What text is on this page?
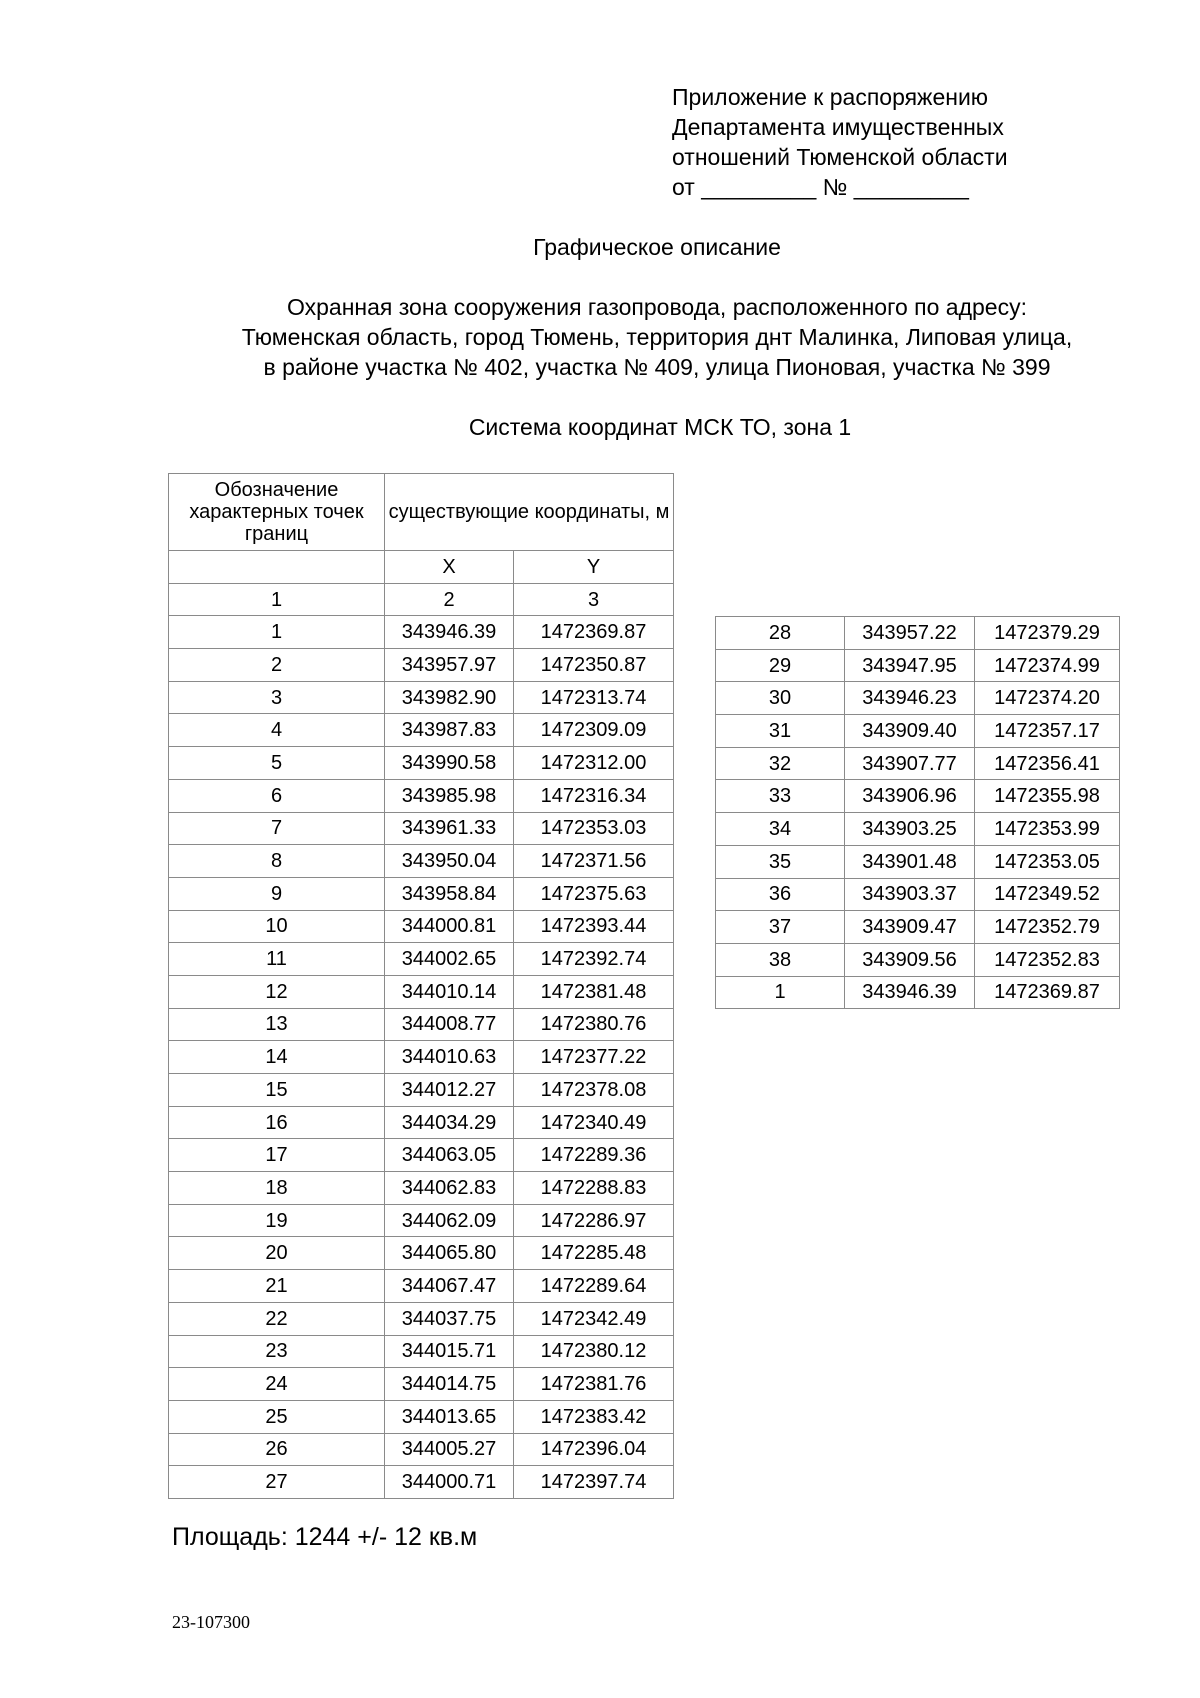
Приложение к распоряжению
Департамента имущественных
отношений Тюменской области
от _________ № _________
Графическое описание
Охранная зона сооружения газопровода, расположенного по адресу:
Тюменская область, город Тюмень, территория днт Малинка, Липовая улица,
в районе участка № 402, участка № 409, улица Пионовая, участка № 399
Система координат МСК ТО, зона 1
Обозначение характерных точек границ	существующие координаты, м	
	X	Y
1	2	3
1	343946.39	1472369.87
2	343957.97	1472350.87
3	343982.90	1472313.74
4	343987.83	1472309.09
5	343990.58	1472312.00
6	343985.98	1472316.34
7	343961.33	1472353.03
8	343950.04	1472371.56
9	343958.84	1472375.63
10	344000.81	1472393.44
11	344002.65	1472392.74
12	344010.14	1472381.48
13	344008.77	1472380.76
14	344010.63	1472377.22
15	344012.27	1472378.08
16	344034.29	1472340.49
17	344063.05	1472289.36
18	344062.83	1472288.83
19	344062.09	1472286.97
20	344065.80	1472285.48
21	344067.47	1472289.64
22	344037.75	1472342.49
23	344015.71	1472380.12
24	344014.75	1472381.76
25	344013.65	1472383.42
26	344005.27	1472396.04
27	344000.71	1472397.74
28	343957.22	1472379.29
29	343947.95	1472374.99
30	343946.23	1472374.20
31	343909.40	1472357.17
32	343907.77	1472356.41
33	343906.96	1472355.98
34	343903.25	1472353.99
35	343901.48	1472353.05
36	343903.37	1472349.52
37	343909.47	1472352.79
38	343909.56	1472352.83
1	343946.39	1472369.87
Площадь: 1244 +/- 12 кв.м
23-107300
